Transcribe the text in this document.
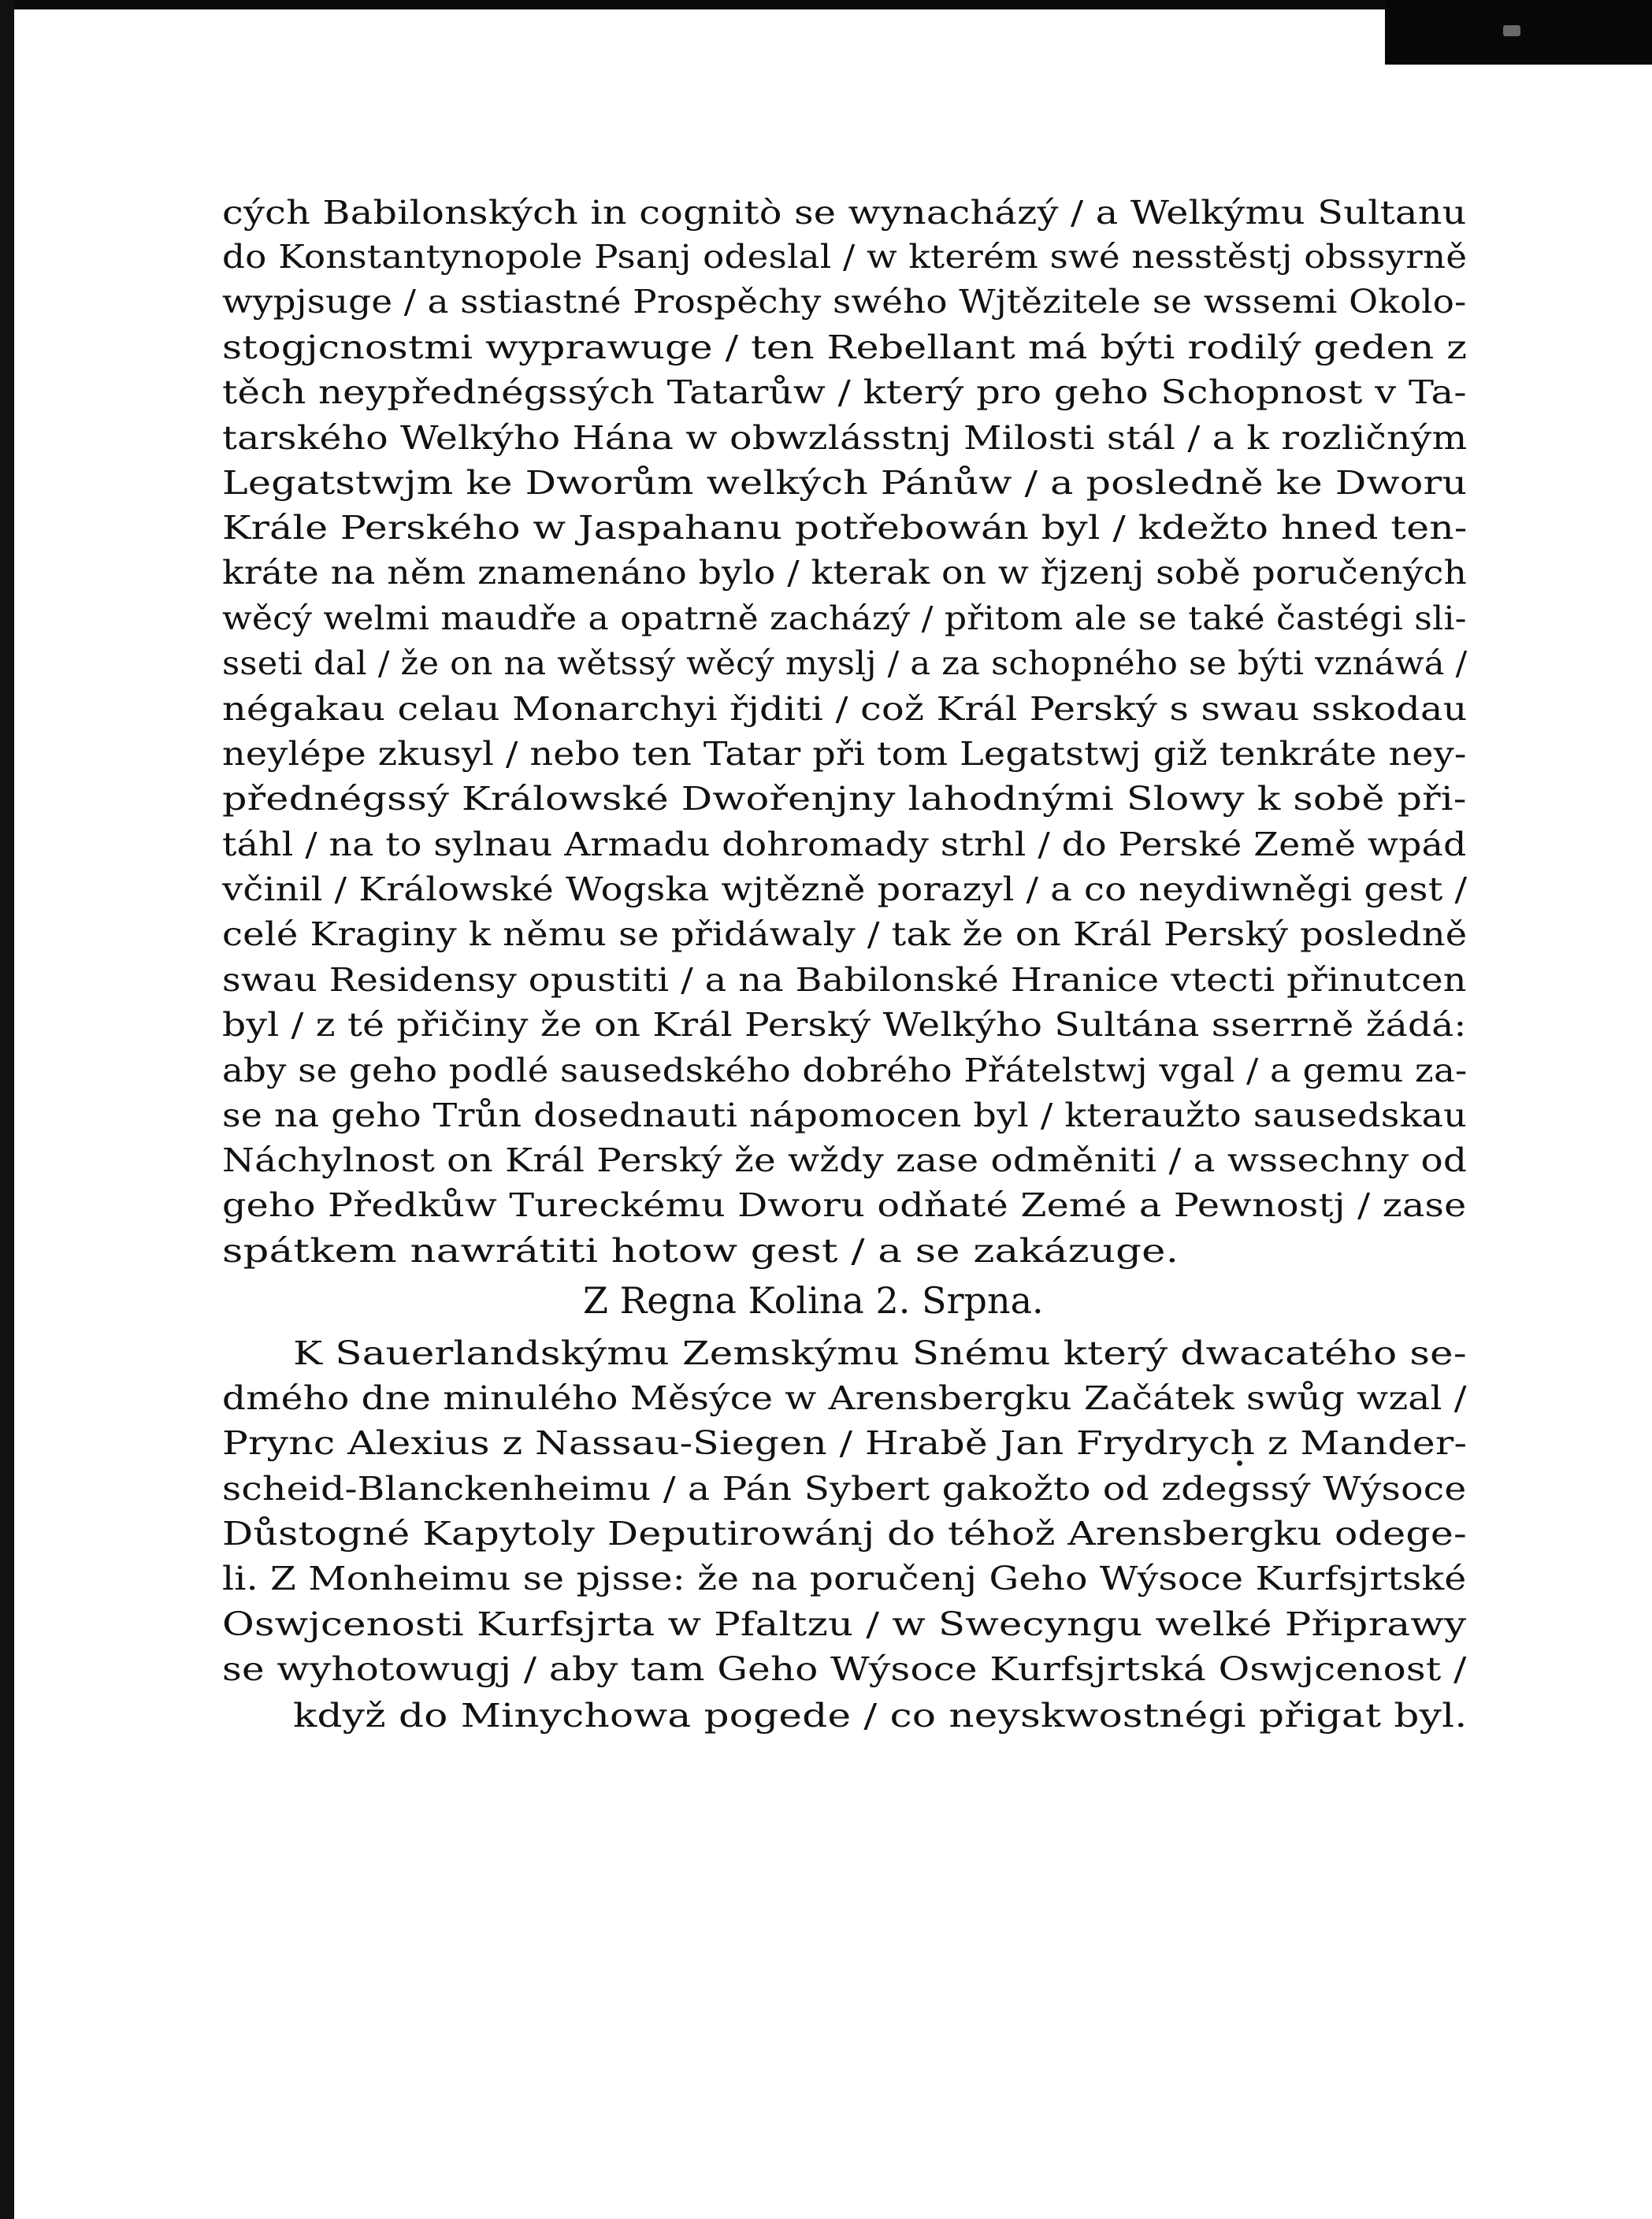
cých Babilonských in cognitò se wynacházý / a Welkýmu Sultanu
do Konstantynopole Psanj odeslal / w kterém swé nesstěstj obssyrně
wypjsuge / a sstiastné Prospěchy swého Wjtězitele se wssemi Okolo-
stogjcnostmi wyprawuge / ten Rebellant má býti rodilý geden z
těch neypřednégssých Tatarůw / který pro geho Schopnost v Ta-
tarského Welkýho Hána w obwzlásstnj Milosti stál / a k rozličným
Legatstwjm ke Dworům welkých Pánůw / a posledně ke Dworu
Krále Perského w Jaspahanu potřebowán byl / kdežto hned ten-
kráte na něm znamenáno bylo / kterak on w řjzenj sobě poručených
wěcý welmi maudře a opatrně zacházý / přitom ale se také častégi sli-
sseti dal / že on na wětssý wěcý myslj / a za schopného se býti vznáwá /
négakau celau Monarchyi řjditi / což Král Perský s swau sskodau
neylépe zkusyl / nebo ten Tatar při tom Legatstwj giž tenkráte ney-
přednégssý Králowské Dwořenjny lahodnými Slowy k sobě při-
táhl / na to sylnau Armadu dohromady strhl / do Perské Země wpád
včinil / Králowské Wogska wjtězně porazyl / a co neydiwněgi gest /
celé Kraginy k němu se přidáwaly / tak že on Král Perský posledně
swau Residensy opustiti / a na Babilonské Hranice vtecti přinutcen
byl / z té přičiny že on Král Perský Welkýho Sultána sserrně žádá:
aby se geho podlé sausedského dobrého Přátelstwj vgal / a gemu za-
se na geho Trůn dosednauti nápomocen byl / kteraužto sausedskau
Náchylnost on Král Perský že wždy zase odměniti / a wssechny od
geho Předkůw Tureckému Dworu odňaté Zemé a Pewnostj / zase
spátkem nawrátiti hotow gest / a se zakázuge.
Z Regna Kolina 2. Srpna.
K Sauerlandskýmu Zemskýmu Snému který dwacatého se-
dmého dne minulého Měsýce w Arensbergku Začátek swůg wzal /
Prync Alexius z Nassau-Siegen / Hrabě Jan Frydrych z Mander-
scheid-Blanckenheimu / a Pán Sybert gakožto od zdegssý Wýsoce
Důstogné Kapytoly Deputirowánj do téhož Arensbergku odege-
li. Z Monheimu se pjsse: že na poručenj Geho Wýsoce Kurfsjrtské
Oswjcenosti Kurfsjrta w Pfaltzu / w Swecyngu welké Připrawy
se wyhotowugj / aby tam Geho Wýsoce Kurfsjrtská Oswjcenost /
když do Minychowa pogede / co neyskwostnégi přigat byl.
